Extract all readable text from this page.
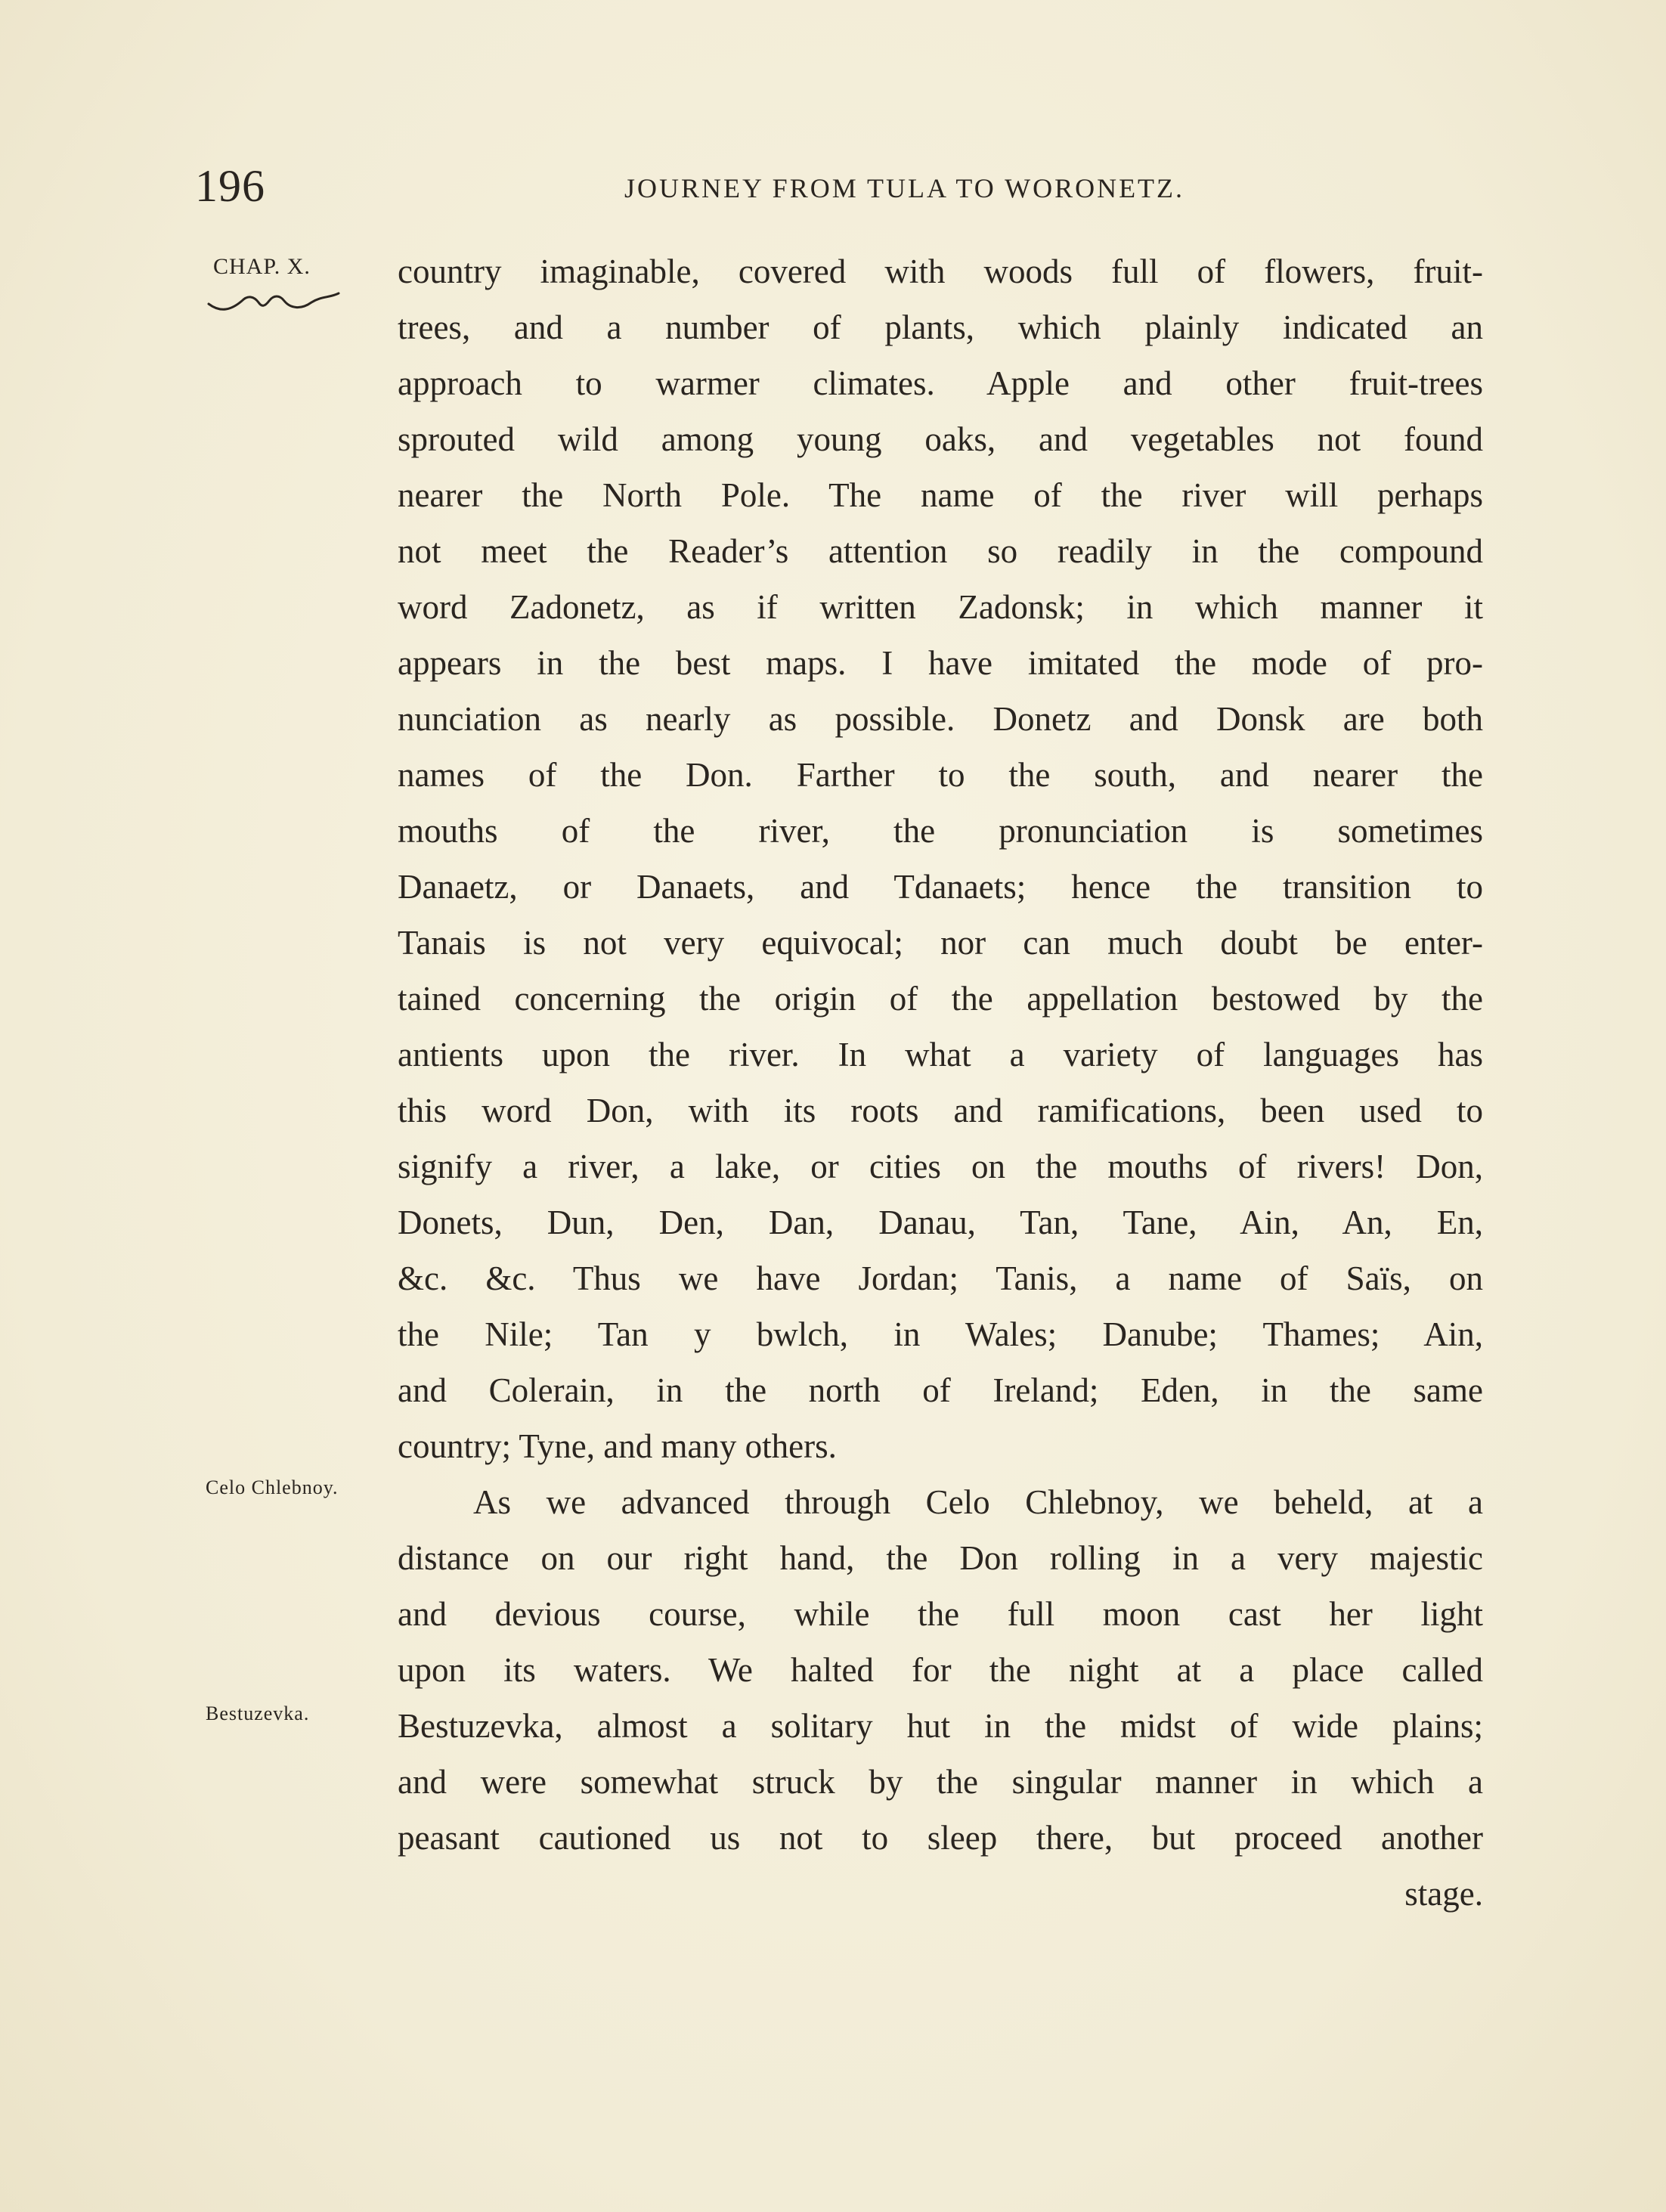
196	JOURNEY FROM TULA TO WORONETZ.
CHAP. X.
Celo Chlebnoy.
Bestuzevka.
country imaginable, covered with woods full of flowers, fruit-
trees, and a number of plants, which plainly indicated an
approach to warmer climates. Apple and other fruit-trees
sprouted wild among young oaks, and vegetables not found
nearer the North Pole. The name of the river will perhaps
not meet the Reader’s attention so readily in the compound
word Zadonetz, as if written Zadonsk; in which manner it
appears in the best maps. I have imitated the mode of pro-
nunciation as nearly as possible. Donetz and Donsk are both
names of the Don. Farther to the south, and nearer the
mouths of the river, the pronunciation is sometimes
Danaetz, or Danaets, and Tdanaets; hence the transition to
Tanais is not very equivocal; nor can much doubt be enter-
tained concerning the origin of the appellation bestowed by the
antients upon the river. In what a variety of languages has
this word Don, with its roots and ramifications, been used to
signify a river, a lake, or cities on the mouths of rivers! Don,
Donets, Dun, Den, Dan, Danau, Tan, Tane, Ain, An, En,
&c. &c. Thus we have Jordan; Tanis, a name of Saïs, on
the Nile; Tan y bwlch, in Wales; Danube; Thames; Ain,
and Colerain, in the north of Ireland; Eden, in the same
country; Tyne, and many others.
As we advanced through Celo Chlebnoy, we beheld, at a
distance on our right hand, the Don rolling in a very majestic
and devious course, while the full moon cast her light
upon its waters. We halted for the night at a place called
Bestuzevka, almost a solitary hut in the midst of wide plains;
and were somewhat struck by the singular manner in which a
peasant cautioned us not to sleep there, but proceed another
stage.
